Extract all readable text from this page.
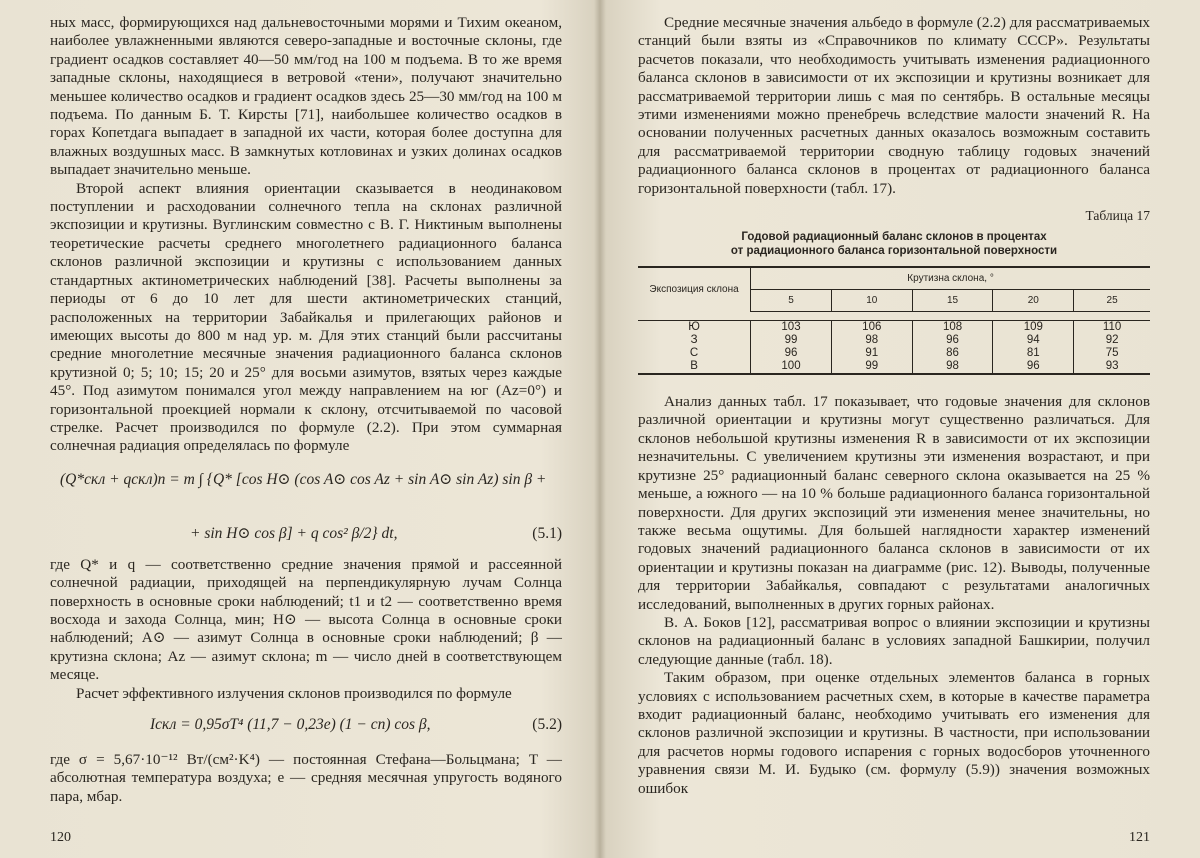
ных масс, формирующихся над дальневосточными морями и Тихим океаном, наиболее увлажненными являются северо-западные и восточные склоны, где градиент осадков составляет 40—50 мм/год на 100 м подъема. В то же время западные склоны, находящиеся в ветровой «тени», получают значительно меньшее количество осадков и градиент осадков здесь 25—30 мм/год на 100 м подъема. По данным Б. Т. Кирсты [71], наибольшее количество осадков в горах Копетдага выпадает в западной их части, которая более доступна для влажных воздушных масс. В замкнутых котловинах и узких долинах осадков выпадает значительно меньше.

Второй аспект влияния ориентации сказывается в неодинаковом поступлении и расходовании солнечного тепла на склонах различной экспозиции и крутизны. Вуглинским совместно с В. Г. Никтиным выполнены теоретические расчеты среднего многолетнего радиационного баланса склонов различной экспозиции и крутизны с использованием данных стандартных актинометрических наблюдений [38]. Расчеты выполнены за периоды от 6 до 10 лет для шести актинометрических станций, расположенных на территории Забайкалья и прилегающих районов и имеющих высоты до 800 м над ур. м. Для этих станций были рассчитаны средние многолетние месячные значения радиационного баланса склонов крутизной 0; 5; 10; 15; 20 и 25° для восьми азимутов, взятых через каждые 45°. Под азимутом понимался угол между направлением на юг (Az=0°) и горизонтальной проекцией нормали к склону, отсчитываемой по часовой стрелке. Расчет производился по формуле (2.2). При этом суммарная солнечная радиация определялась по формуле

(Q*скл + qскл)n = m ∫ {Q* [cos H⊙ (cos A⊙ cos Az + sin A⊙ sin Az) sin β +
+ sin H⊙ cos β] + q cos² β/2} dt,	(5.1)

где Q* и q — соответственно средние значения прямой и рассеянной солнечной радиации, приходящей на перпендикулярную лучам Солнца поверхность в основные сроки наблюдений; t1 и t2 — соответственно время восхода и захода Солнца, мин; H⊙ — высота Солнца в основные сроки наблюдений; A⊙ — азимут Солнца в основные сроки наблюдений; β — крутизна склона; Az — азимут склона; m — число дней в соответствующем месяце.

Расчет эффективного излучения склонов производился по формуле

Iскл = 0,95σT⁴ (11,7 − 0,23e) (1 − cn) cos β,	(5.2)

где σ = 5,67·10⁻¹² Вт/(см²·K⁴) — постоянная Стефана—Больцмана; T — абсолютная температура воздуха; e — средняя месячная упругость водяного пара, мбар.

120

Средние месячные значения альбедо в формуле (2.2) для рассматриваемых станций были взяты из «Справочников по климату СССР». Результаты расчетов показали, что необходимость учитывать изменения радиационного баланса склонов в зависимости от их экспозиции и крутизны возникает для рассматриваемой территории лишь с мая по сентябрь. В остальные месяцы этими изменениями можно пренебречь вследствие малости значений R. На основании полученных расчетных данных оказалось возможным составить для рассматриваемой территории сводную таблицу годовых значений радиационного баланса склонов в процентах от радиационного баланса горизонтальной поверхности (табл. 17).

Таблица 17
Годовой радиационный баланс склонов в процентах
от радиационного баланса горизонтальной поверхности
Экспозиция склона	Крутизна склона, °				
	5	10	15	20	25

Ю	103	106	108	109	110
З	99	98	96	94	92
С	96	91	86	81	75
В	100	99	98	96	93

Анализ данных табл. 17 показывает, что годовые значения для склонов различной ориентации и крутизны могут существенно различаться. Для склонов небольшой крутизны изменения R в зависимости от их экспозиции незначительны. С увеличением крутизны эти изменения возрастают, и при крутизне 25° радиационный баланс северного склона оказывается на 25 % меньше, а южного — на 10 % больше радиационного баланса горизонтальной поверхности. Для других экспозиций эти изменения менее значительны, но также весьма ощутимы. Для большей наглядности характер изменений годовых значений радиационного баланса склонов в зависимости от их ориентации и крутизны показан на диаграмме (рис. 12). Выводы, полученные для территории Забайкалья, совпадают с результатами аналогичных исследований, выполненных в других горных районах.

В. А. Боков [12], рассматривая вопрос о влиянии экспозиции и крутизны склонов на радиационный баланс в условиях западной Башкирии, получил следующие данные (табл. 18).

Таким образом, при оценке отдельных элементов баланса в горных условиях с использованием расчетных схем, в которые в качестве параметра входит радиационный баланс, необходимо учитывать его изменения для склонов различной экспозиции и крутизны. В частности, при использовании для расчетов нормы годового испарения с горных водосборов уточненного уравнения связи М. И. Будыко (см. формулу (5.9)) значения возможных ошибок

121
